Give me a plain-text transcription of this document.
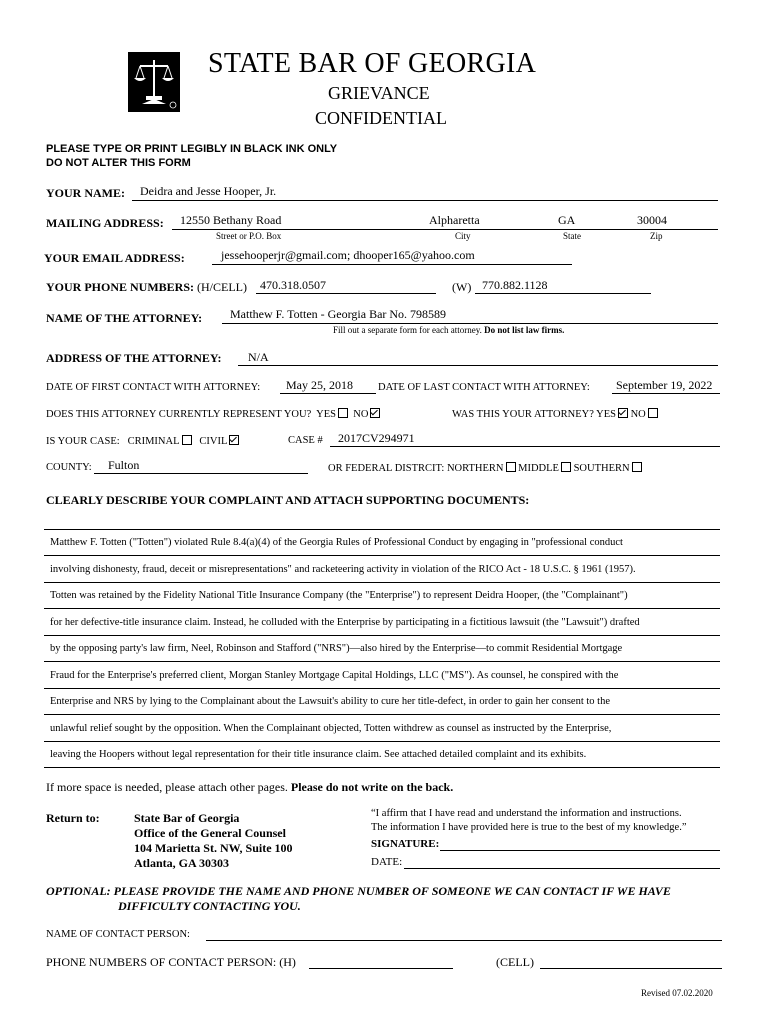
STATE BAR OF GEORGIA
GRIEVANCE
CONFIDENTIAL
PLEASE TYPE OR PRINT LEGIBLY IN BLACK INK ONLY
DO NOT ALTER THIS FORM
YOUR NAME: Deidra and Jesse Hooper, Jr.
MAILING ADDRESS: 12550 Bethany Road	Alpharetta	GA	30004
Street or P.O. Box	City	State	Zip
YOUR EMAIL ADDRESS:	jessehooperjr@gmail.com; dhooper165@yahoo.com
YOUR PHONE NUMBERS: (H/CELL) 470.318.0507	(W) 770.882.1128
NAME OF THE ATTORNEY: Matthew F. Totten - Georgia Bar No. 798589
Fill out a separate form for each attorney. Do not list law firms.
ADDRESS OF THE ATTORNEY: N/A
DATE OF FIRST CONTACT WITH ATTORNEY: May 25, 2018 DATE OF LAST CONTACT WITH ATTORNEY: September 19, 2022
DOES THIS ATTORNEY CURRENTLY REPRESENT YOU? YES NO	WAS THIS YOUR ATTORNEY? YES NO
IS YOUR CASE: CRIMINAL CIVIL	CASE # 2017CV294971
COUNTY: Fulton	OR FEDERAL DISTRCIT: NORTHERN MIDDLE SOUTHERN
CLEARLY DESCRIBE YOUR COMPLAINT AND ATTACH SUPPORTING DOCUMENTS:
Matthew F. Totten ("Totten") violated Rule 8.4(a)(4) of the Georgia Rules of Professional Conduct by engaging in "professional conduct
involving dishonesty, fraud, deceit or misrepresentations" and racketeering activity in violation of the RICO Act - 18 U.S.C. § 1961 (1957).
Totten was retained by the Fidelity National Title Insurance Company (the "Enterprise") to represent Deidra Hooper, (the "Complainant")
for her defective-title insurance claim. Instead, he colluded with the Enterprise by participating in a fictitious lawsuit (the "Lawsuit") drafted
by the opposing party's law firm, Neel, Robinson and Stafford ("NRS")—also hired by the Enterprise—to commit Residential Mortgage
Fraud for the Enterprise's preferred client, Morgan Stanley Mortgage Capital Holdings, LLC ("MS"). As counsel, he conspired with the
Enterprise and NRS by lying to the Complainant about the Lawsuit's ability to cure her title-defect, in order to gain her consent to the
unlawful relief sought by the opposition. When the Complainant objected, Totten withdrew as counsel as instructed by the Enterprise,
leaving the Hoopers without legal representation for their title insurance claim. See attached detailed complaint and its exhibits.
If more space is needed, please attach other pages. Please do not write on the back.
Return to:	State Bar of Georgia
Office of the General Counsel
104 Marietta St. NW, Suite 100
Atlanta, GA 30303
“I affirm that I have read and understand the information and instructions.
The information I have provided here is true to the best of my knowledge.”
SIGNATURE:
DATE:
OPTIONAL: PLEASE PROVIDE THE NAME AND PHONE NUMBER OF SOMEONE WE CAN CONTACT IF WE HAVE
DIFFICULTY CONTACTING YOU.
NAME OF CONTACT PERSON:
PHONE NUMBERS OF CONTACT PERSON: (H)	(CELL)
Revised 07.02.2020
